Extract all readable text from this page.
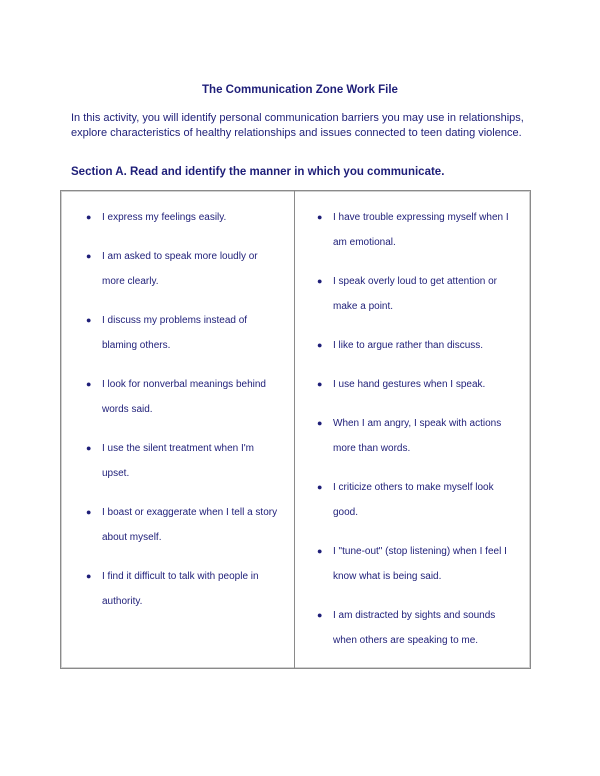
The Communication Zone Work File
In this activity, you will identify personal communication barriers you may use in relationships, explore characteristics of healthy relationships and issues connected to teen dating violence.
Section A. Read and identify the manner in which you communicate.
● I express my feelings easily.
● I am asked to speak more loudly or more clearly.
● I discuss my problems instead of blaming others.
● I look for nonverbal meanings behind words said.
● I use the silent treatment when I'm upset.
● I boast or exaggerate when I tell a story about myself.
● I find it difficult to talk with people in authority.
● I have trouble expressing myself when I am emotional.
● I speak overly loud to get attention or make a point.
● I like to argue rather than discuss.
● I use hand gestures when I speak.
● When I am angry, I speak with actions more than words.
● I criticize others to make myself look good.
● I "tune-out" (stop listening) when I feel I know what is being said.
● I am distracted by sights and sounds when others are speaking to me.
